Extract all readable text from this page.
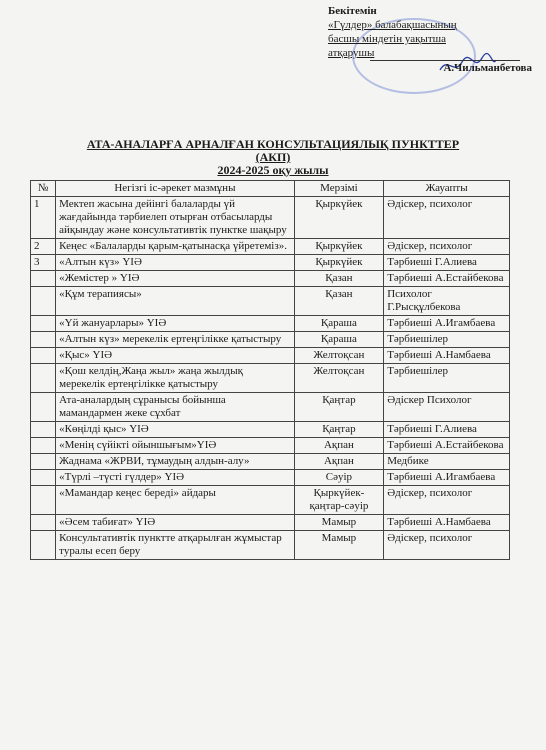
Бекітемін
«Гүлдер» балабақшасының
басшы міндетін уақытша
атқарушы
А.Чильманбетова
АТА-АНАЛАРҒА АРНАЛҒАН КОНСУЛЬТАЦИЯЛЫҚ ПУНКТТЕР
(АКП)
2024-2025 оқу жылы
№	Негізгі іс-әрекет мазмұны	Мерзімі	Жауапты
1	Мектеп жасына дейінгі балаларды үй жағдайында тәрбиелеп отырған отбасыларды айқындау және консультативтік пунктке шақыру	Қыркүйек	Әдіскер, психолог
2	Кеңес «Балаларды қарым-қатынасқа үйретеміз».	Қыркүйек	Әдіскер, психолог
3	«Алтын күз» ҮІӘ	Қыркүйек	Тәрбиеші Г.Алиева
	«Жемістер » ҮІӘ	Қазан	Тәрбиеші А.Естайбекова
	«Құм терапиясы»	Қазан	Психолог Г.Рысқұлбекова
	«Үй жануарлары» ҮІӘ	Қараша	Тәрбиеші А.Игамбаева
	«Алтын күз» мерекелік ертеңгілікке қатыстыру	Қараша	Тәрбиешілер
	«Қыс» ҮІӘ	Желтоқсан	Тәрбиеші А.Намбаева
	«Қош келдің,Жаңа жыл» жаңа жылдық мерекелік ертеңгілікке қатыстыру	Желтоқсан	Тәрбиешілер
	Ата-аналардың сұранысы бойынша мамандармен жеке сұхбат	Қаңтар	Әдіскер Психолог
	«Көңілді қыс» ҮІӘ	Қаңтар	Тәрбиеші Г.Алиева
	«Менің сүйікті ойыншығым»ҮІӘ	Ақпан	Тәрбиеші А.Естайбекова
	Жаднама «ЖРВИ, тұмаудың алдын-алу»	Ақпан	Медбике
	«Түрлі –түсті гүлдер» ҮІӘ	Сәуір	Тәрбиеші А.Игамбаева
	«Мамандар кеңес береді» айдары	Қыркүйек-қаңтар-сәуір	Әдіскер, психолог
	«Әсем табиғат» ҮІӘ	Мамыр	Тәрбиеші А.Намбаева
	Консультативтік пунктте атқарылған жұмыстар туралы есеп беру	Мамыр	Әдіскер, психолог
